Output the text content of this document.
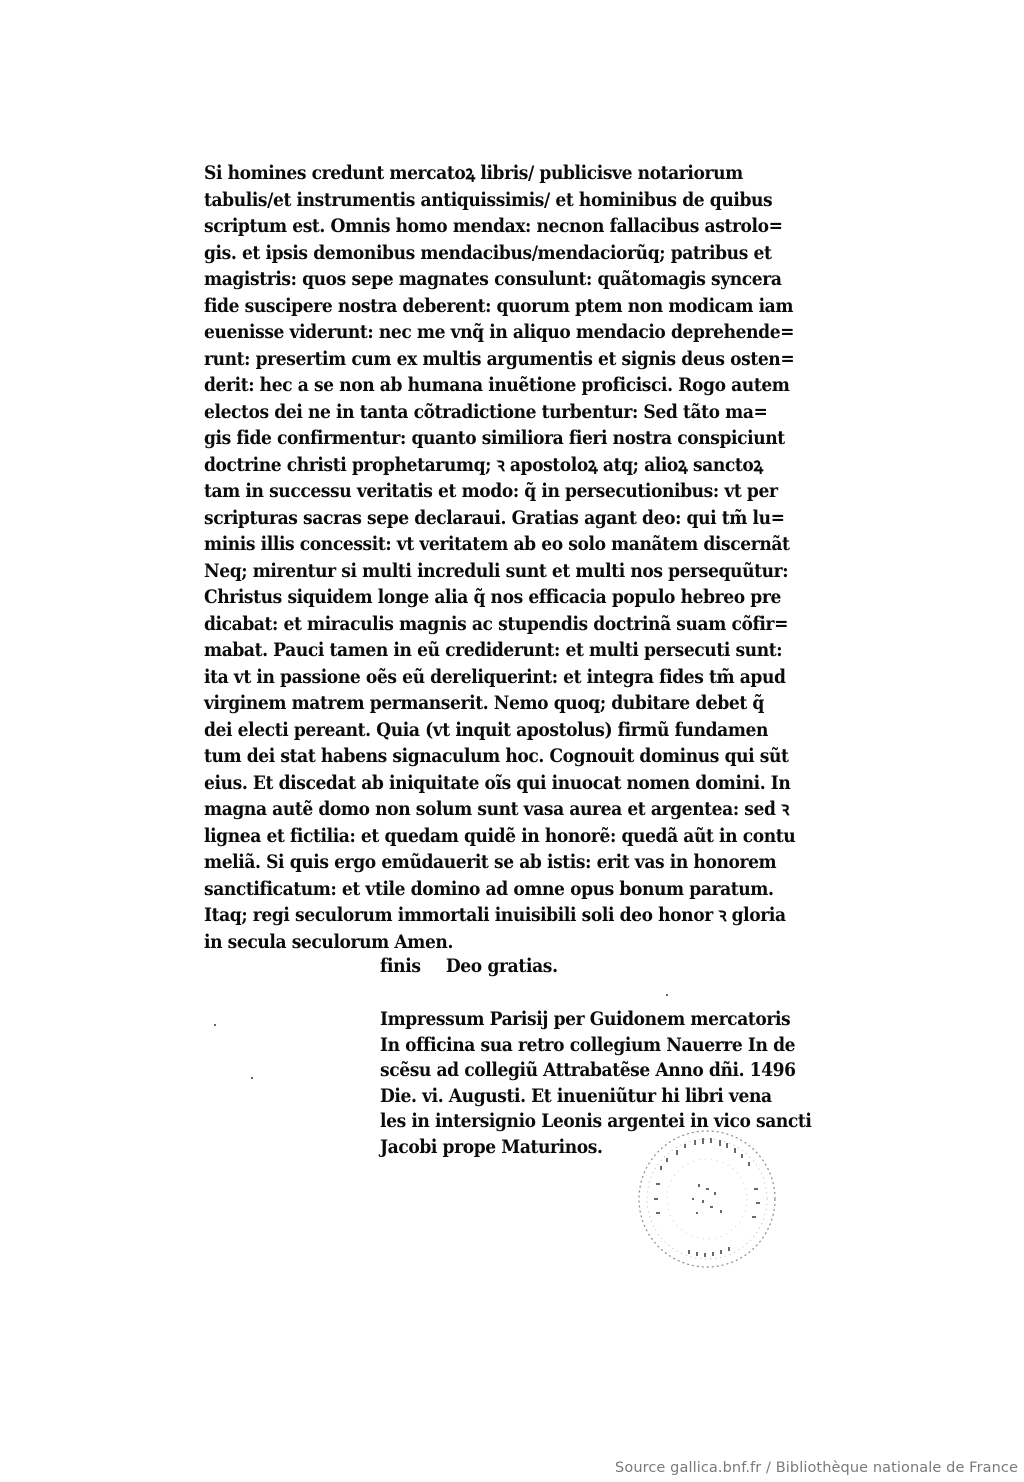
Si homines credunt mercatoꝝ libris/ publicisve notariorum
tabulis/et instrumentis antiquissimis/ et hominibus de quibus
scriptum est. Omnis homo mendax: necnon fallacibus astrolo=
gis. et ipsis demonibus mendacibus/mendaciorũq; patribus et
magistris: quos sepe magnates consulunt: quãtomagis syncera
fide suscipere nostra deberent: quorum ptem non modicam iam
euenisse viderunt: nec me vnq̃ in aliquo mendacio deprehende=
runt: presertim cum ex multis argumentis et signis deus osten=
derit: hec a se non ab humana inuẽtione proficisci. Rogo autem
electos dei ne in tanta cõtradictione turbentur: Sed tãto ma=
gis fide confirmentur: quanto similiora fieri nostra conspiciunt
doctrine christi prophetarumq; ꝛ apostoloꝝ atq; alioꝝ sanctoꝝ
tam in successu veritatis et modo: q̃ in persecutionibus: vt per
scripturas sacras sepe declaraui. Gratias agant deo: qui tm̃ lu=
minis illis concessit: vt veritatem ab eo solo manãtem discernãt
Neq; mirentur si multi increduli sunt et multi nos persequũtur:
Christus siquidem longe alia q̃ nos efficacia populo hebreo pre
dicabat: et miraculis magnis ac stupendis doctrinã suam cõfir=
mabat. Pauci tamen in eũ crediderunt: et multi persecuti sunt:
ita vt in passione oẽs eũ dereliquerint: et integra fides tm̃ apud
virginem matrem permanserit. Nemo quoq; dubitare debet q̃
dei electi pereant. Quia (vt inquit apostolus) firmũ fundamen
tum dei stat habens signaculum hoc. Cognouit dominus qui sũt
eius. Et discedat ab iniquitate oĩs qui inuocat nomen domini. In
magna autẽ domo non solum sunt vasa aurea et argentea: sed ꝛ
lignea et fictilia: et quedam quidẽ in honorẽ: quedã aũt in contu
meliã. Si quis ergo emũdauerit se ab istis: erit vas in honorem
sanctificatum: et vtile domino ad omne opus bonum paratum.
Itaq; regi seculorum immortali inuisibili soli deo honor ꝛ gloria
in secula seculorum Amen.
finis Deo gratias.
Impressum Parisij per Guidonem mercatoris
In officina sua retro collegium Nauerre In de
scẽsu ad collegiũ Attrabatẽse Anno dñi. 1496
Die. vi. Augusti. Et inueniũtur hi libri vena
les in intersignio Leonis argentei in vico sancti
Jacobi prope Maturinos.
Source gallica.bnf.fr / Bibliothèque nationale de France
